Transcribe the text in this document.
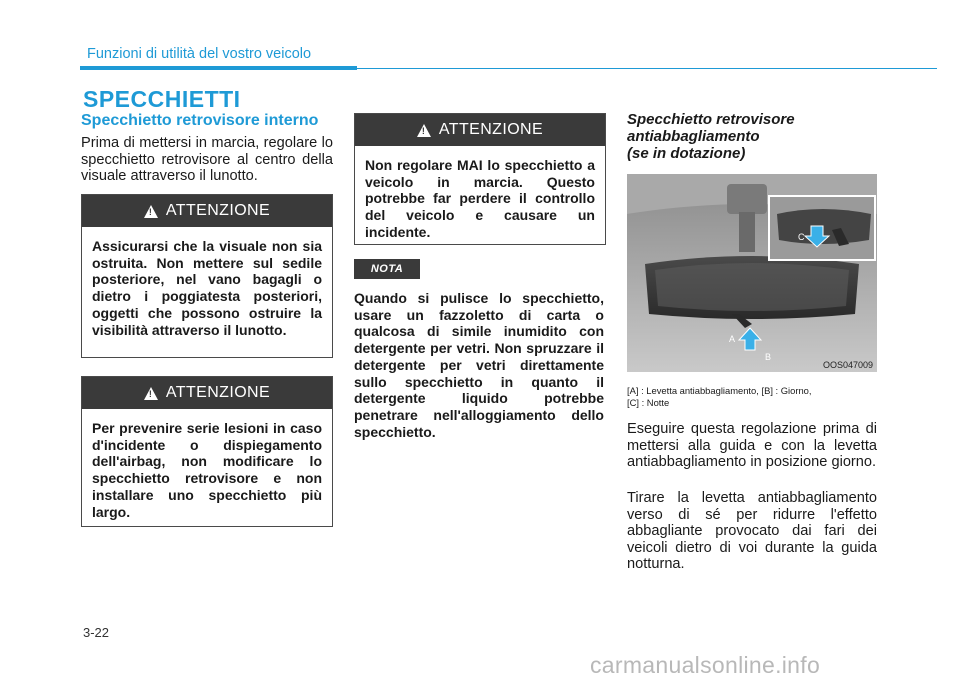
Funzioni di utilità del vostro veicolo
SPECCHIETTI
Specchietto retrovisore interno
Prima di mettersi in marcia, regolare lo specchietto retrovisore al centro della visuale attraverso il lunotto.
!
ATTENZIONE
Assicurarsi che la visuale non sia ostruita. Non mettere sul sedile posteriore, nel vano bagagli o dietro i poggiatesta posteriori, oggetti che possono ostruire la visibilità attraverso il lunotto.
!
ATTENZIONE
Per prevenire serie lesioni in caso d'incidente o dispiegamento dell'airbag, non modificare lo specchietto retrovisore e non installare uno specchietto più largo.
!
ATTENZIONE
Non regolare MAI lo specchietto a veicolo in marcia. Questo potrebbe far perdere il controllo del veicolo e causare un incidente.
NOTA
Quando si pulisce lo specchietto, usare un fazzoletto di carta o qualcosa di simile inumidito con detergente per vetri. Non spruzzare il detergente per vetri direttamente sullo specchietto in quanto il detergente liquido potrebbe penetrare nell'alloggiamento dello specchietto.
Specchietto retrovisore
antiabbagliamento
(se in dotazione)
A
B
C
OOS047009
[A] : Levetta antiabbagliamento, [B] : Giorno,
[C] : Notte
Eseguire questa regolazione prima di mettersi alla guida e con la levetta antiabbagliamento in posizione giorno.
Tirare la levetta antiabbagliamento verso di sé per ridurre l'effetto abbagliante provocato dai fari dei veicoli dietro di voi durante la guida notturna.
3-22
carmanualsonline.info
